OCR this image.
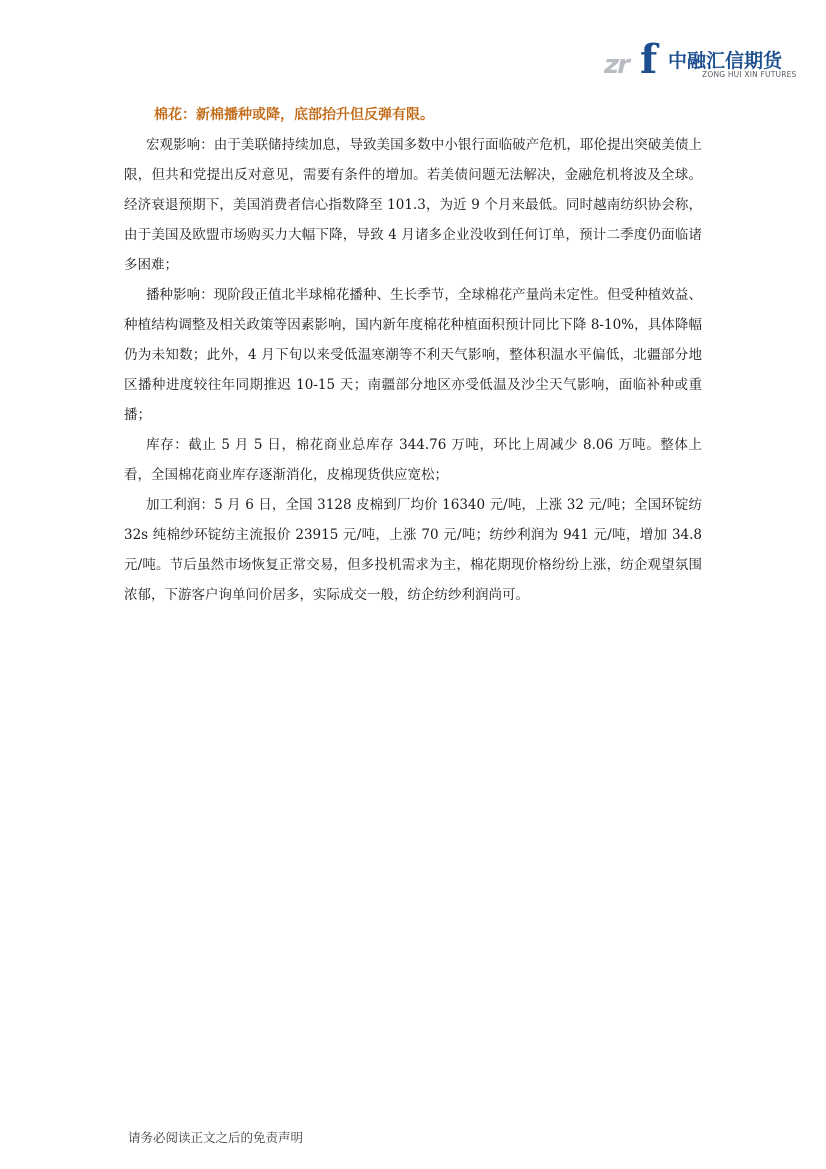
zr f 中融汇信期货
ZONG HUI XIN FUTURES

棉花：新棉播种或降，底部抬升但反弹有限。

宏观影响：由于美联储持续加息，导致美国多数中小银行面临破产危机，耶伦提出突破美债上限，但共和党提出反对意见，需要有条件的增加。若美债问题无法解决，金融危机将波及全球。经济衰退预期下，美国消费者信心指数降至 101.3，为近 9 个月来最低。同时越南纺织协会称，由于美国及欧盟市场购买力大幅下降，导致 4 月诸多企业没收到任何订单，预计二季度仍面临诸多困难；

播种影响：现阶段正值北半球棉花播种、生长季节，全球棉花产量尚未定性。但受种植效益、种植结构调整及相关政策等因素影响，国内新年度棉花种植面积预计同比下降 8-10%，具体降幅仍为未知数；此外，4 月下旬以来受低温寒潮等不利天气影响，整体积温水平偏低，北疆部分地区播种进度较往年同期推迟 10-15 天；南疆部分地区亦受低温及沙尘天气影响，面临补种或重播；

库存：截止 5 月 5 日，棉花商业总库存 344.76 万吨，环比上周减少 8.06 万吨。整体上看，全国棉花商业库存逐渐消化，皮棉现货供应宽松；

加工利润：5 月 6 日，全国 3128 皮棉到厂均价 16340 元/吨，上涨 32 元/吨；全国环锭纺 32s 纯棉纱环锭纺主流报价 23915 元/吨，上涨 70 元/吨；纺纱利润为 941 元/吨，增加 34.8 元/吨。节后虽然市场恢复正常交易，但多投机需求为主，棉花期现价格纷纷上涨，纺企观望氛围浓郁，下游客户询单问价居多，实际成交一般，纺企纺纱利润尚可。

请务必阅读正文之后的免责声明
